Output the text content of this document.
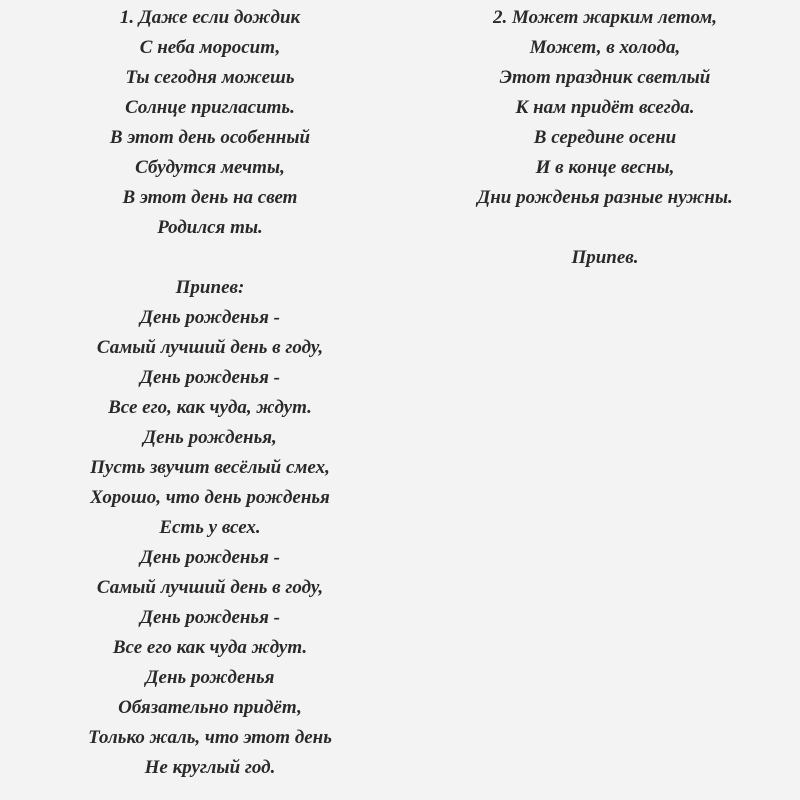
1. Даже если дождик
С неба моросит,
Ты сегодня можешь
Солнце пригласить.
В этот день особенный
Сбудутся мечты,
В этот день на свет
Родился ты.
Припев:
День рожденья -
Самый лучший день в году,
День рожденья -
Все его, как чуда, ждут.
День рожденья,
Пусть звучит весёлый смех,
Хорошо, что день рожденья
Есть у всех.
День рожденья -
Самый лучший день в году,
День рожденья -
Все его как чуда ждут.
День рожденья
Обязательно придёт,
Только жаль, что этот день
Не круглый год.
2. Может жарким летом,
Может, в холода,
Этот праздник светлый
К нам придёт всегда.
В середине осени
И в конце весны,
Дни рожденья разные нужны.
Припев.
